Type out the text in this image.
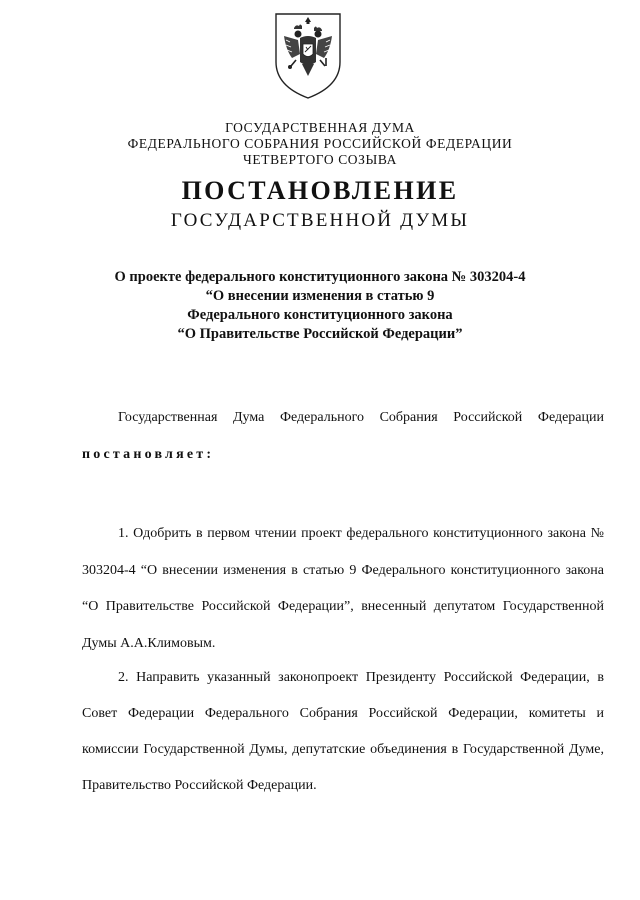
ГОСУДАРСТВЕННАЯ ДУМА
ФЕДЕРАЛЬНОГО СОБРАНИЯ РОССИЙСКОЙ ФЕДЕРАЦИИ
ЧЕТВЕРТОГО СОЗЫВА
ПОСТАНОВЛЕНИЕ
ГОСУДАРСТВЕННОЙ ДУМЫ
О проекте федерального конституционного закона № 303204-4
“О внесении изменения в статью 9
Федерального конституционного закона
“О Правительстве Российской Федерации”
Государственная Дума Федерального Собрания Российской Федерации
постановляет:
1. Одобрить в первом чтении проект федерального конституционного закона № 303204-4 “О внесении изменения в статью 9 Федерального конституционного закона “О Правительстве Российской Федерации”, внесенный депутатом Государственной Думы А.А.Климовым.
2. Направить указанный законопроект Президенту Российской Федерации, в Совет Федерации Федерального Собрания Российской Федерации, комитеты и комиссии Государственной Думы, депутатские объединения в Государственной Думе, Правительство Российской Федерации.
